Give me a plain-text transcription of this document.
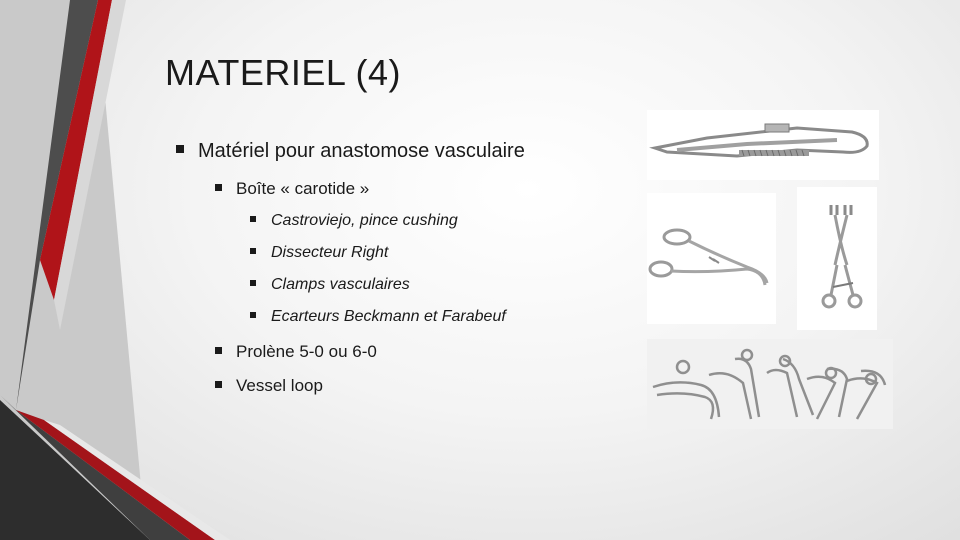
MATERIEL (4)
Matériel pour anastomose vasculaire
Boîte « carotide »
Castroviejo, pince cushing
Dissecteur Right
Clamps vasculaires
Ecarteurs Beckmann et Farabeuf
Prolène 5-0 ou 6-0
Vessel loop
